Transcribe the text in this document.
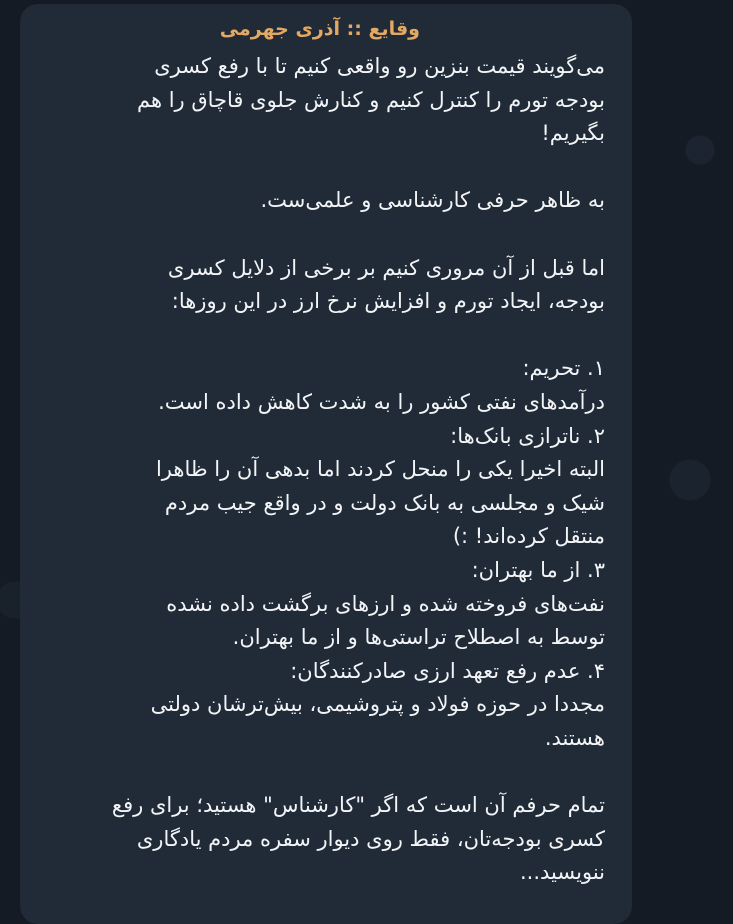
وقایع :: آذری جهرمی
می‌گویند قیمت بنزین رو واقعی کنیم تا با رفع کسری
بودجه تورم را کنترل کنیم و کنارش جلوی قاچاق را هم
بگیریم!
به ظاهر حرفی کارشناسی و علمی‌ست.
اما قبل از آن مروری کنیم بر برخی از دلایل کسری
بودجه، ایجاد تورم و افزایش نرخ ارز در این روزها:
۱. تحریم:
درآمدهای نفتی کشور را به شدت کاهش داده است.
۲. ناترازی بانک‌ها:
البته اخیرا یکی را منحل کردند اما بدهی آن را ظاهرا
شیک و مجلسی به بانک دولت و در واقع جیب مردم
منتقل کرده‌اند! :)
۳. از ما بهتران:
نفت‌های فروخته شده و ارزهای برگشت داده نشده
توسط به اصطلاح تراستی‌ها و از ما بهتران.
۴. عدم رفع تعهد ارزی صادرکنندگان:
مجددا در حوزه فولاد و پتروشیمی، بیش‌ترشان دولتی
هستند.
تمام حرفم آن است که اگر "کارشناس" هستید؛ برای رفع
کسری بودجه‌تان، فقط روی دیوار سفره مردم یادگاری
ننویسید...
